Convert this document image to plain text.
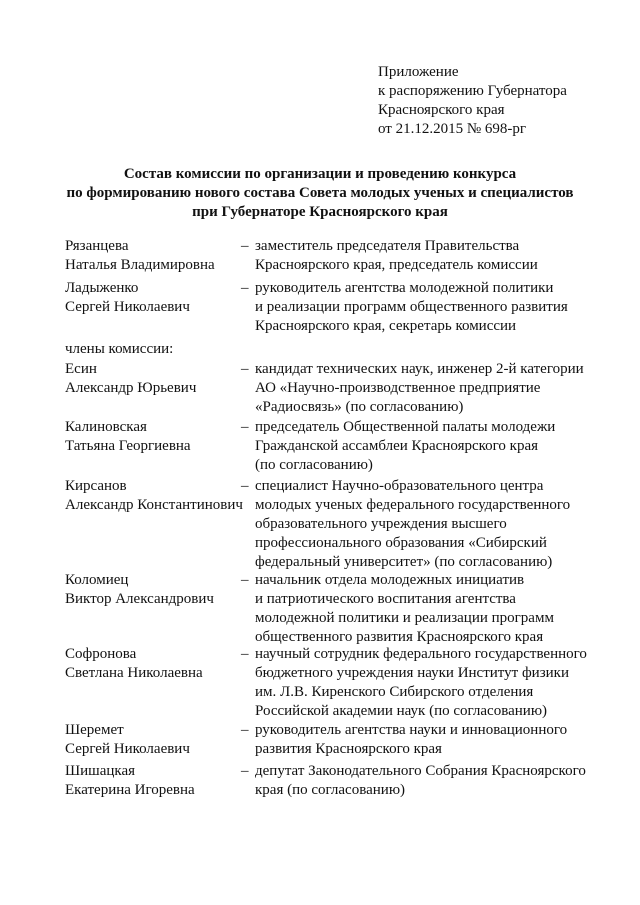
Приложение
к распоряжению Губернатора
Красноярского края
от 21.12.2015 № 698-рг
Состав комиссии по организации и проведению конкурса
по формированию нового состава Совета молодых ученых и специалистов
при Губернаторе Красноярского края
Рязанцева
Наталья Владимировна
– заместитель председателя Правительства
Красноярского края, председатель комиссии
Ладыженко
Сергей Николаевич
– руководитель агентства молодежной политики
и реализации программ общественного развития
Красноярского края, секретарь комиссии
члены комиссии:
Есин
Александр Юрьевич
– кандидат технических наук, инженер 2-й категории
АО «Научно-производственное предприятие
«Радиосвязь» (по согласованию)
Калиновская
Татьяна Георгиевна
– председатель Общественной палаты молодежи
Гражданской ассамблеи Красноярского края
(по согласованию)
Кирсанов
Александр Константинович
– специалист Научно-образовательного центра
молодых ученых федерального государственного
образовательного учреждения высшего
профессионального образования «Сибирский
федеральный университет» (по согласованию)
Коломиец
Виктор Александрович
– начальник отдела молодежных инициатив
и патриотического воспитания агентства
молодежной политики и реализации программ
общественного развития Красноярского края
Софронова
Светлана Николаевна
– научный сотрудник федерального государственного
бюджетного учреждения науки Институт физики
им. Л.В. Киренского Сибирского отделения
Российской академии наук (по согласованию)
Шеремет
Сергей Николаевич
– руководитель агентства науки и инновационного
развития Красноярского края
Шишацкая
Екатерина Игоревна
– депутат Законодательного Собрания Красноярского
края (по согласованию)
